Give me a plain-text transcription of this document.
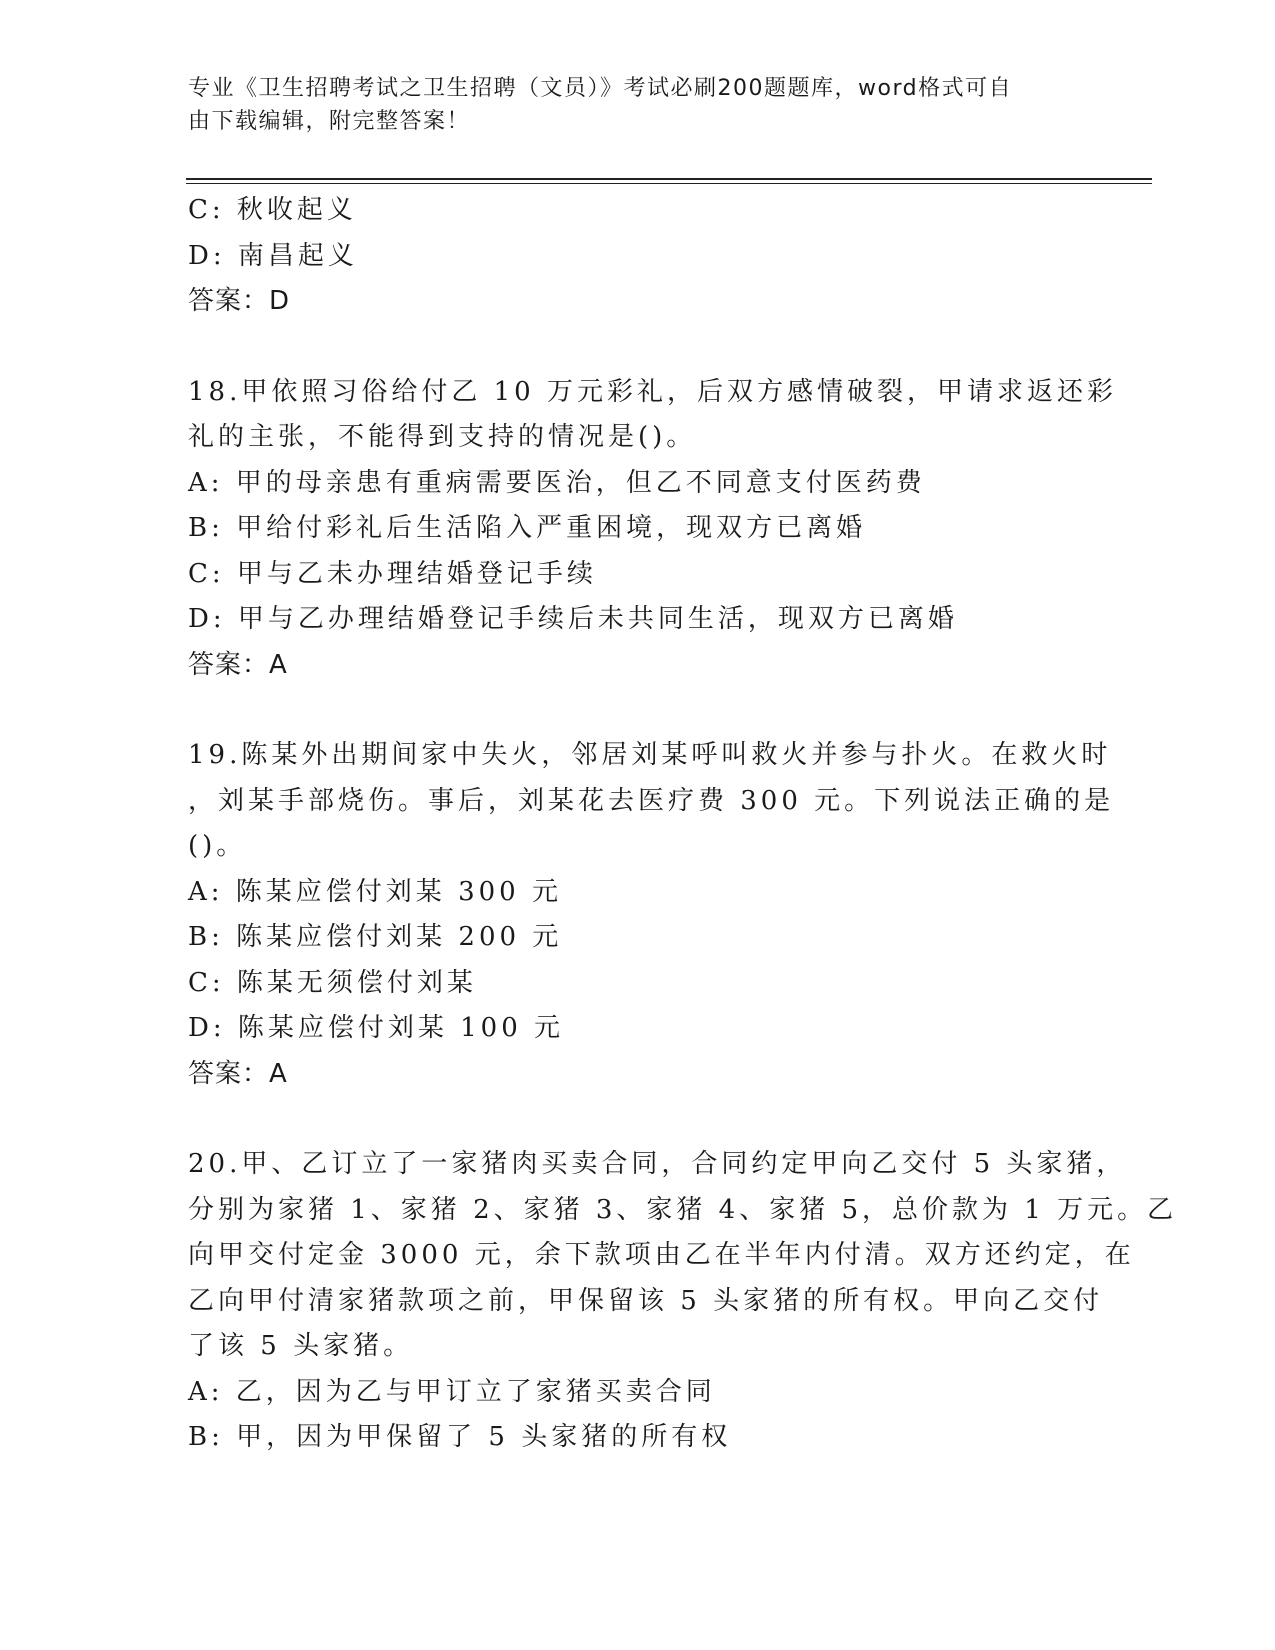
专业《卫生招聘考试之卫生招聘（文员）》考试必刷200题题库，word格式可自
由下载编辑，附完整答案！

C: 秋收起义

D: 南昌起义

答案：D

18.甲依照习俗给付乙 10 万元彩礼，后双方感情破裂，甲请求返还彩

礼的主张，不能得到支持的情况是()。

A: 甲的母亲患有重病需要医治，但乙不同意支付医药费

B: 甲给付彩礼后生活陷入严重困境，现双方已离婚

C: 甲与乙未办理结婚登记手续

D: 甲与乙办理结婚登记手续后未共同生活，现双方已离婚

答案：A

19.陈某外出期间家中失火，邻居刘某呼叫救火并参与扑火。在救火时

，刘某手部烧伤。事后，刘某花去医疗费 300 元。下列说法正确的是

()。

A: 陈某应偿付刘某 300 元

B: 陈某应偿付刘某 200 元

C: 陈某无须偿付刘某

D: 陈某应偿付刘某 100 元

答案：A

20.甲、乙订立了一家猪肉买卖合同，合同约定甲向乙交付 5 头家猪，

分别为家猪 1、家猪 2、家猪 3、家猪 4、家猪 5，总价款为 1 万元。乙

向甲交付定金 3000 元，余下款项由乙在半年内付清。双方还约定，在

乙向甲付清家猪款项之前，甲保留该 5 头家猪的所有权。甲向乙交付

了该 5 头家猪。

A: 乙，因为乙与甲订立了家猪买卖合同

B: 甲，因为甲保留了 5 头家猪的所有权
